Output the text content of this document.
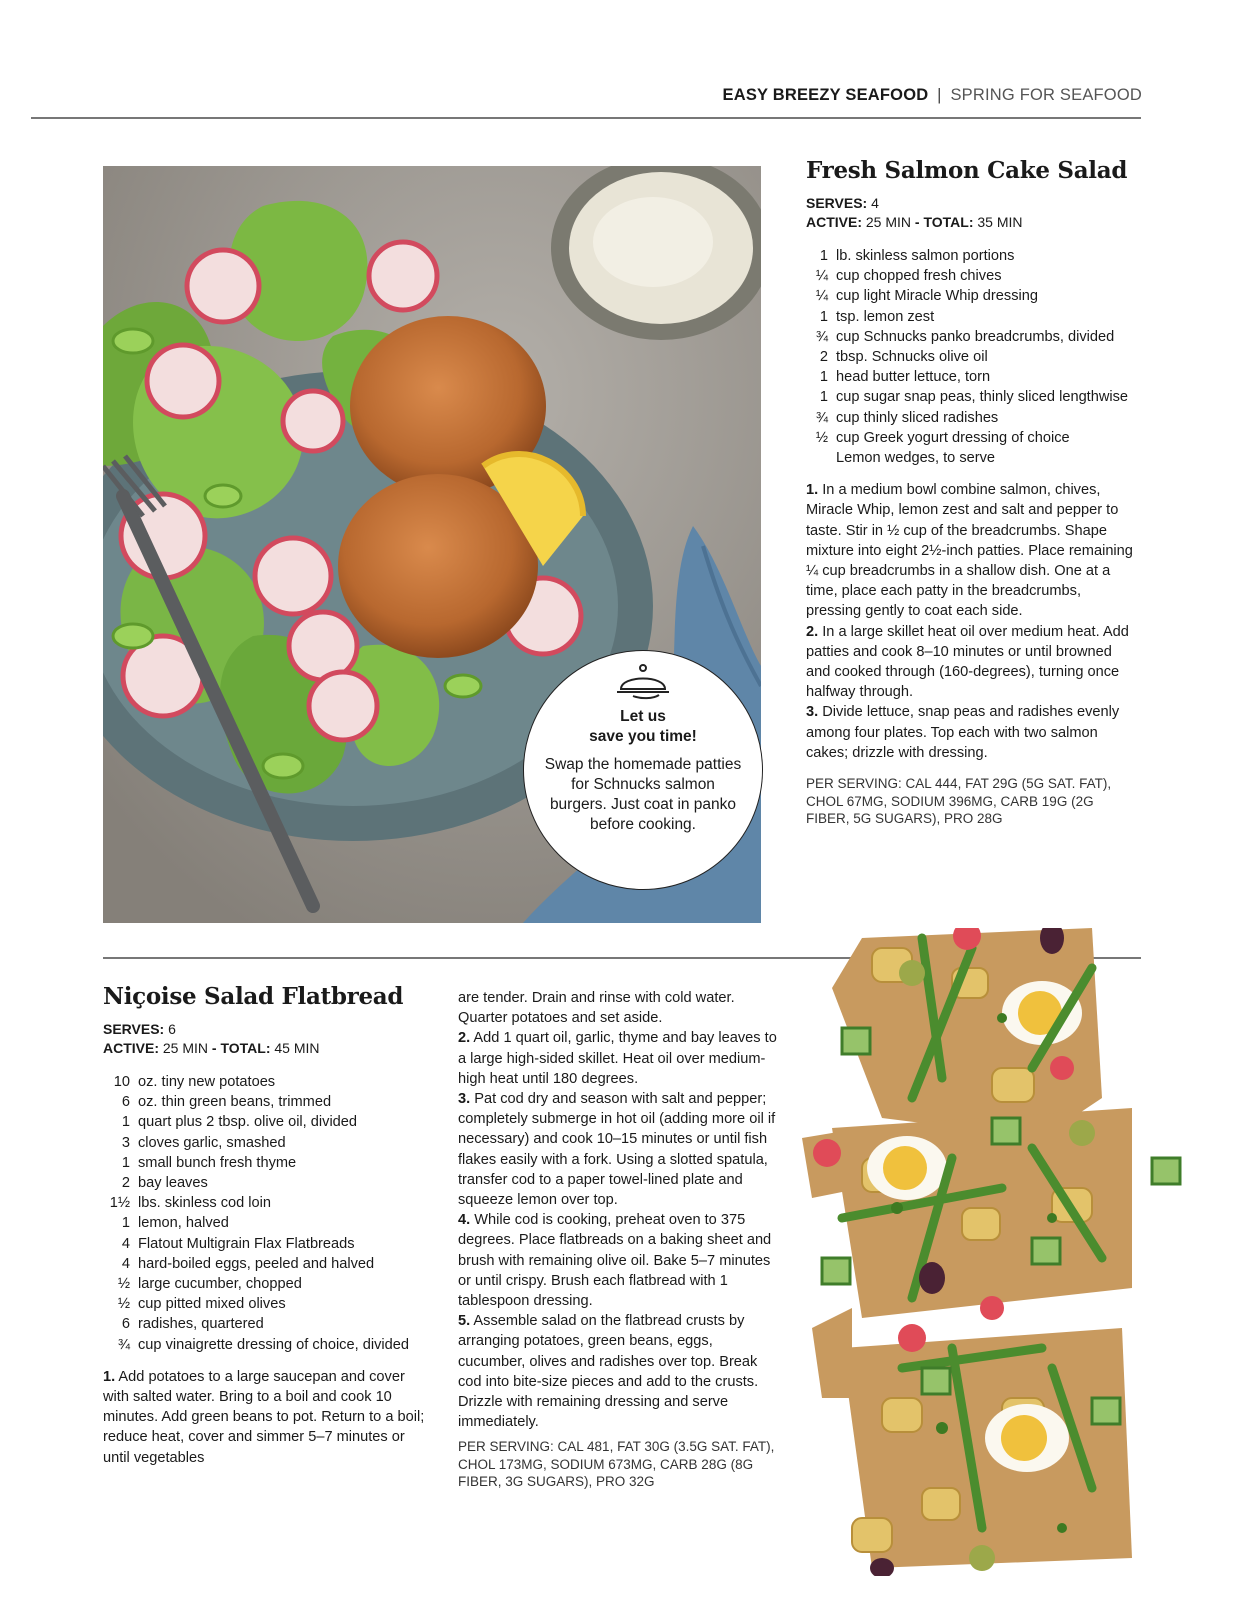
EASY BREEZY SEAFOOD | SPRING FOR SEAFOOD
Let us
save you time!
Swap the homemade patties for Schnucks salmon burgers. Just coat in panko before cooking.
Fresh Salmon Cake Salad
SERVES: 4
ACTIVE: 25 MIN - TOTAL: 35 MIN
1 lb. skinless salmon portions
¼ cup chopped fresh chives
¼ cup light Miracle Whip dressing
1 tsp. lemon zest
¾ cup Schnucks panko breadcrumbs, divided
2 tbsp. Schnucks olive oil
1 head butter lettuce, torn
1 cup sugar snap peas, thinly sliced lengthwise
¾ cup thinly sliced radishes
½ cup Greek yogurt dressing of choice
Lemon wedges, to serve

1. In a medium bowl combine salmon, chives, Miracle Whip, lemon zest and salt and pepper to taste. Stir in ½ cup of the breadcrumbs. Shape mixture into eight 2½-inch patties. Place remaining ¼ cup breadcrumbs in a shallow dish. One at a time, place each patty in the breadcrumbs, pressing gently to coat each side.

2. In a large skillet heat oil over medium heat. Add patties and cook 8–10 minutes or until browned and cooked through (160-degrees), turning once halfway through.

3. Divide lettuce, snap peas and radishes evenly among four plates. Top each with two salmon cakes; drizzle with dressing.

PER SERVING: CAL 444, FAT 29G (5G SAT. FAT), CHOL 67MG, SODIUM 396MG, CARB 19G (2G FIBER, 5G SUGARS), PRO 28G
Niçoise Salad Flatbread
SERVES: 6
ACTIVE: 25 MIN - TOTAL: 45 MIN
10 oz. tiny new potatoes
6 oz. thin green beans, trimmed
1 quart plus 2 tbsp. olive oil, divided
3 cloves garlic, smashed
1 small bunch fresh thyme
2 bay leaves
1½ lbs. skinless cod loin
1 lemon, halved
4 Flatout Multigrain Flax Flatbreads
4 hard-boiled eggs, peeled and halved
½ large cucumber, chopped
½ cup pitted mixed olives
6 radishes, quartered
¾ cup vinaigrette dressing of choice, divided

1. Add potatoes to a large saucepan and cover with salted water. Bring to a boil and cook 10 minutes. Add green beans to pot. Return to a boil; reduce heat, cover and simmer 5–7 minutes or until vegetables

are tender. Drain and rinse with cold water. Quarter potatoes and set aside.

2. Add 1 quart oil, garlic, thyme and bay leaves to a large high-sided skillet. Heat oil over medium-high heat until 180 degrees.

3. Pat cod dry and season with salt and pepper; completely submerge in hot oil (adding more oil if necessary) and cook 10–15 minutes or until fish flakes easily with a fork. Using a slotted spatula, transfer cod to a paper towel-lined plate and squeeze lemon over top.

4. While cod is cooking, preheat oven to 375 degrees. Place flatbreads on a baking sheet and brush with remaining olive oil. Bake 5–7 minutes or until crispy. Brush each flatbread with 1 tablespoon dressing.

5. Assemble salad on the flatbread crusts by arranging potatoes, green beans, eggs, cucumber, olives and radishes over top. Break cod into bite-size pieces and add to the crusts. Drizzle with remaining dressing and serve immediately.

PER SERVING: CAL 481, FAT 30G (3.5G SAT. FAT), CHOL 173MG, SODIUM 673MG, CARB 28G (8G FIBER, 3G SUGARS), PRO 32G
